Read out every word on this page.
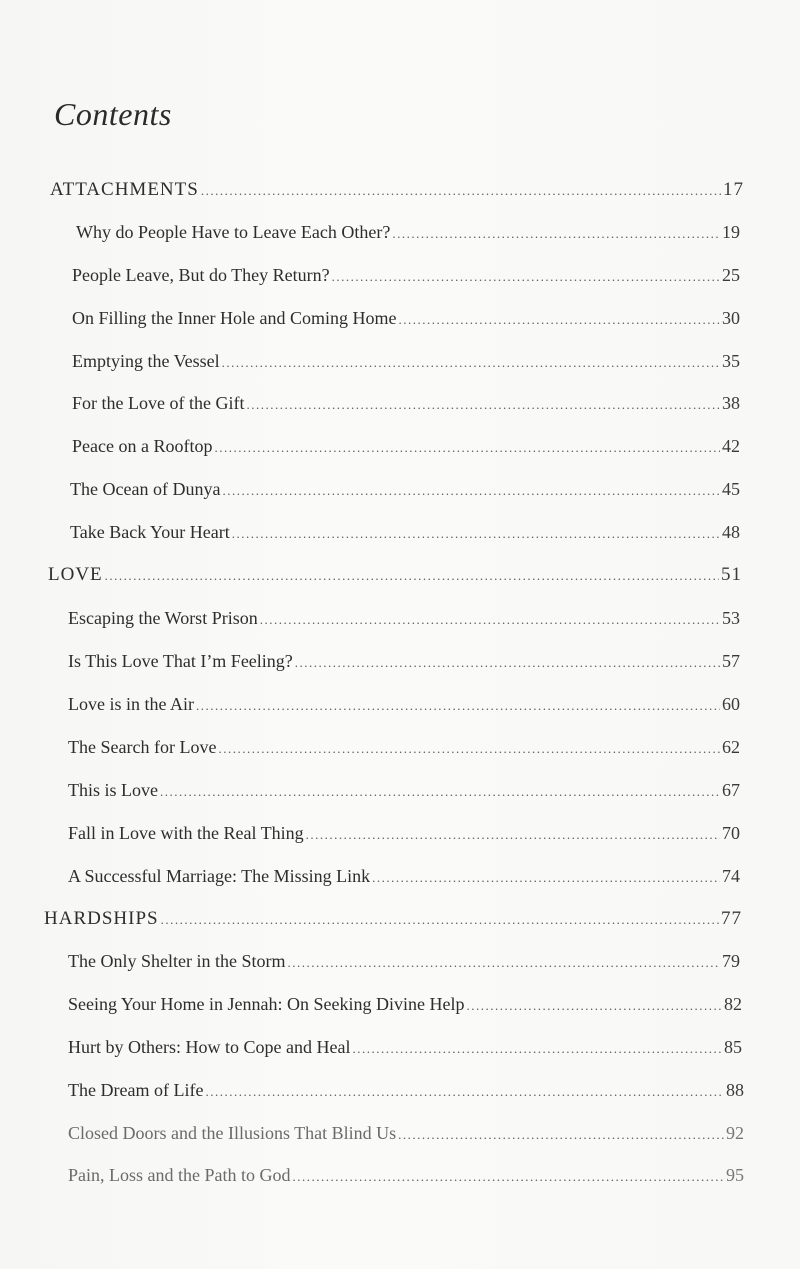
Contents
ATTACHMENTS .....	17
Why do People Have to Leave Each Other? .....	19
People Leave, But do They Return? .....	25
On Filling the Inner Hole and Coming Home .....	30
Emptying the Vessel .....	35
For the Love of the Gift .....	38
Peace on a Rooftop .....	42
The Ocean of Dunya .....	45
Take Back Your Heart .....	48
LOVE .....	51
Escaping the Worst Prison .....	53
Is This Love That I’m Feeling? .....	57
Love is in the Air .....	60
The Search for Love .....	62
This is Love .....	67
Fall in Love with the Real Thing .....	70
A Successful Marriage: The Missing Link .....	74
HARDSHIPS .....	77
The Only Shelter in the Storm .....	79
Seeing Your Home in Jennah: On Seeking Divine Help .....	82
Hurt by Others: How to Cope and Heal .....	85
The Dream of Life .....	88
Closed Doors and the Illusions That Blind Us .....	92
Pain, Loss and the Path to God .....	95
